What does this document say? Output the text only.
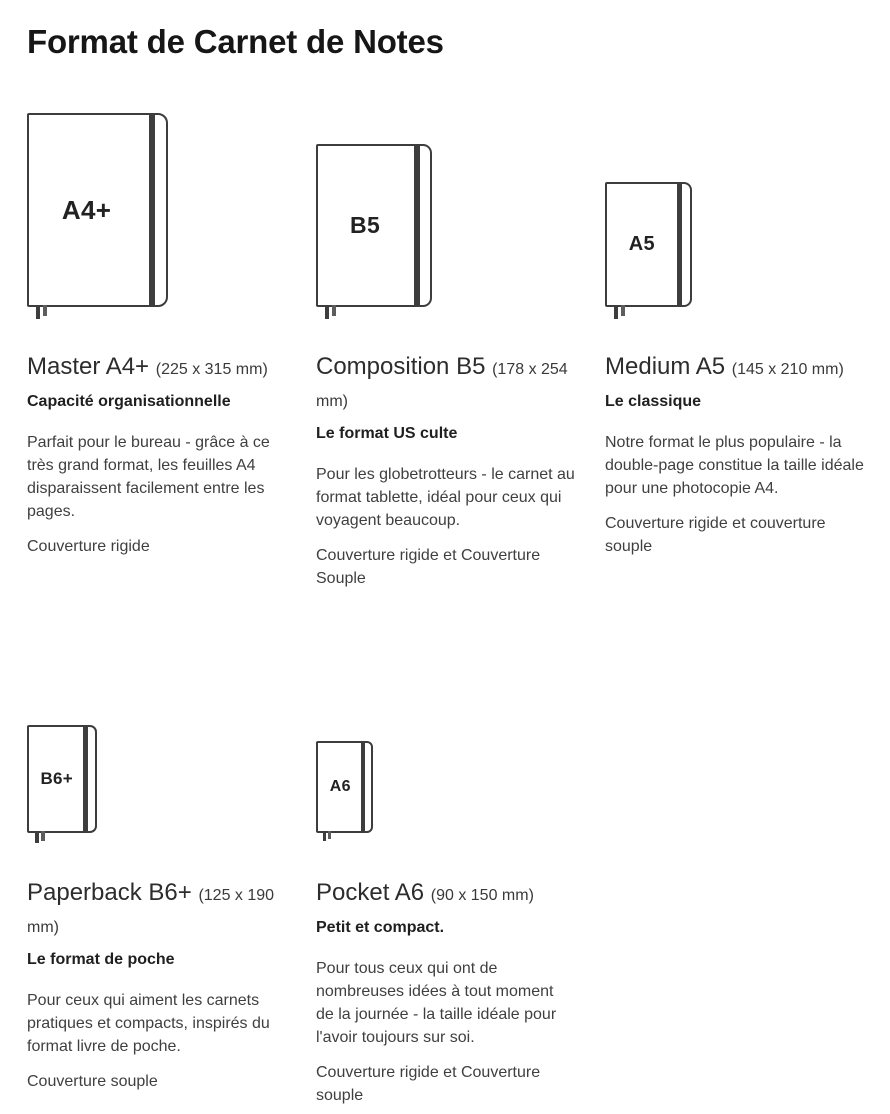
Format de Carnet de Notes
A4+
Master A4+ (225 x 315 mm)

Capacité organisationnelle

Parfait pour le bureau - grâce à ce très grand format, les feuilles A4 disparaissent facilement entre les pages.

Couverture rigide

B5
Composition B5 (178 x 254 mm)

Le format US culte

Pour les globetrotteurs - le carnet au format tablette, idéal pour ceux qui voyagent beaucoup.

Couverture rigide et Couverture Souple

A5
Medium A5 (145 x 210 mm)

Le classique

Notre format le plus populaire - la double-page constitue la taille idéale pour une photocopie A4.

Couverture rigide et couverture souple

B6+
Paperback B6+ (125 x 190 mm)

Le format de poche

Pour ceux qui aiment les carnets pratiques et compacts, inspirés du format livre de poche.

Couverture souple

A6
Pocket A6 (90 x 150 mm)

Petit et compact.

Pour tous ceux qui ont de nombreuses idées à tout moment de la journée - la taille idéale pour l'avoir toujours sur soi.

Couverture rigide et Couverture souple
